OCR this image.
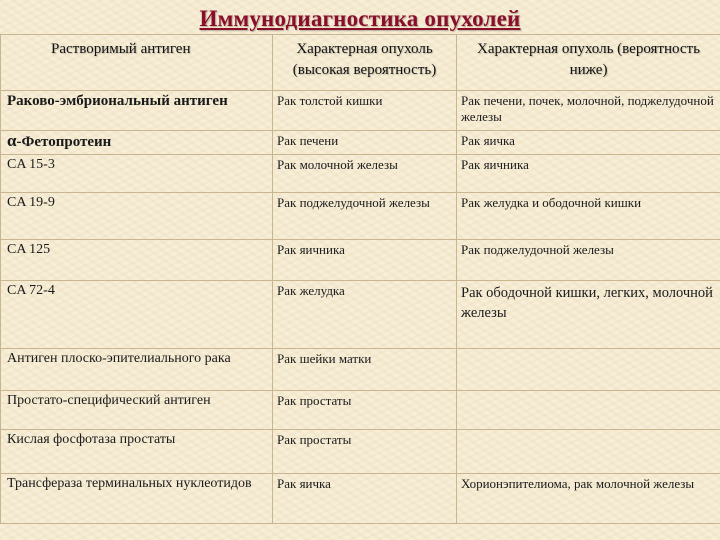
Иммунодиагностика опухолей
Растворимый антиген	Характерная опухоль (высокая вероятность)	Характерная опухоль (вероятность ниже)
Раково-эмбриональный антиген	Рак толстой кишки	Рак печени, почек, молочной, поджелудочной железы
α-Фетопротеин	Рак печени	Рак яичка
CA 15-3	Рак молочной железы	Рак яичника
CA 19-9	Рак поджелудочной железы	Рак желудка и ободочной кишки
CA 125	Рак яичника	Рак поджелудочной железы
CA 72-4	Рак желудка	Рак ободочной кишки, легких, молочной железы
Антиген плоско-эпителиального рака	Рак шейки матки	
Простато-специфический антиген	Рак простаты	
Кислая фосфотаза простаты	Рак простаты	
Трансфераза терминальных нуклеотидов	Рак яичка	Хорионэпителиома, рак молочной железы
